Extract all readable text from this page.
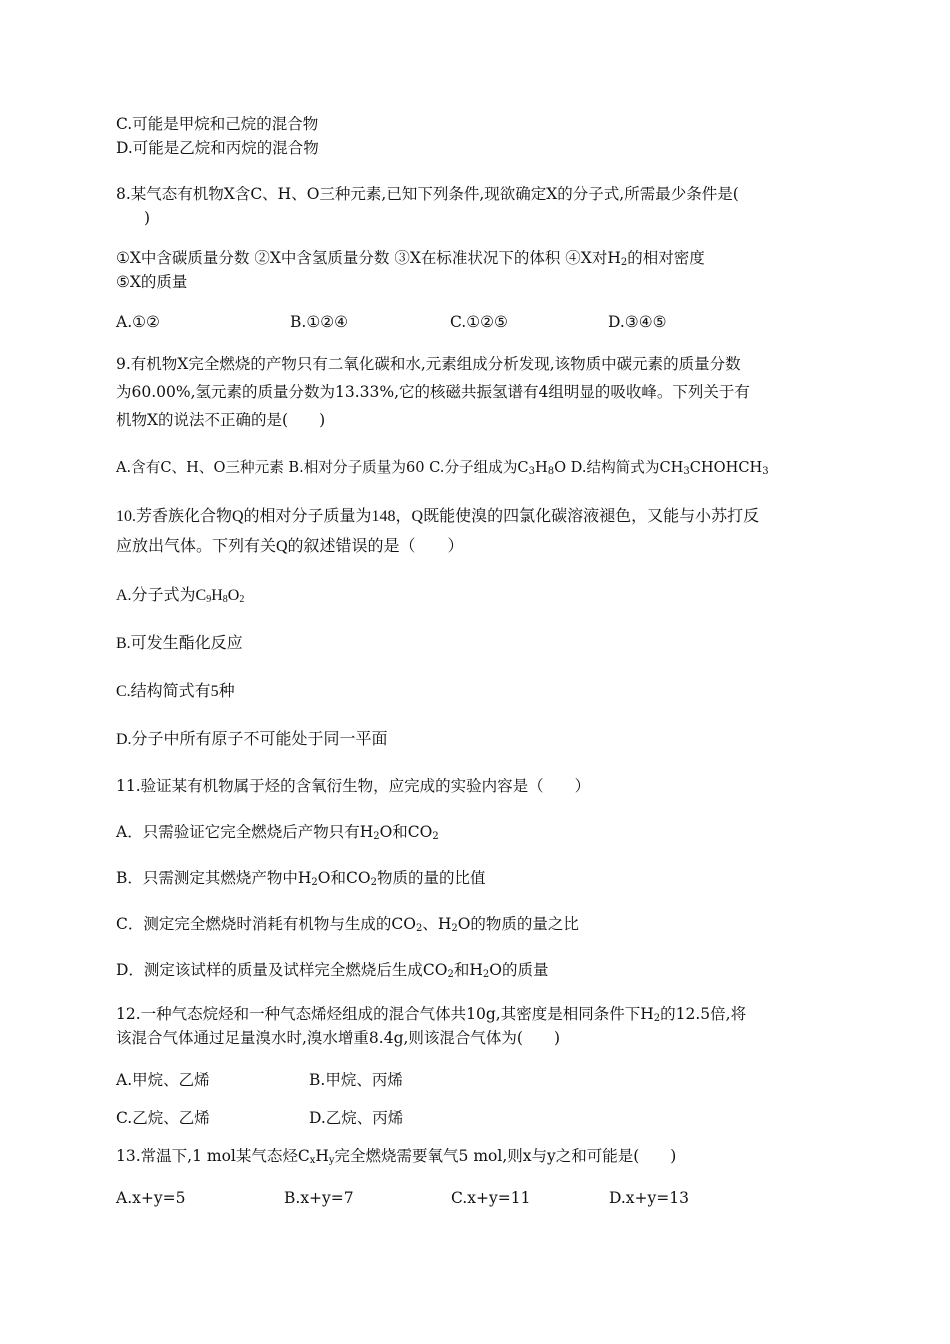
C.可能是甲烷和己烷的混合物
D.可能是乙烷和丙烷的混合物
8.某气态有机物X含C、H、O三种元素,已知下列条件,现欲确定X的分子式,所需最少条件是(
)
①X中含碳质量分数 ②X中含氢质量分数 ③X在标准状况下的体积 ④X对$H_2$的相对密度
⑤X的质量
A.①②	B.①②④	C.①②⑤	D.③④⑤
9.有机物X完全燃烧的产物只有二氧化碳和水,元素组成分析发现,该物质中碳元素的质量分数
为60.00%,氢元素的质量分数为13.33%,它的核磁共振氢谱有4组明显的吸收峰。下列关于有
机物X的说法不正确的是(　　)
A.含有C、H、O三种元素 B.相对分子质量为60 C.分子组成为$C_3H_8O$ D.结构简式为$CH_3CHOHCH_3$
10.芳香族化合物Q的相对分子质量为148，Q既能使溴的四氯化碳溶液褪色，又能与小苏打反
应放出气体。下列有关Q的叙述错误的是（　　）
A.分子式为$C_9H_8O_2$
B.可发生酯化反应
C.结构简式有5种
D.分子中所有原子不可能处于同一平面
11.验证某有机物属于烃的含氧衍生物，应完成的实验内容是（　　）
A．只需验证它完全燃烧后产物只有$H_2O$和$CO_2$
B．只需测定其燃烧产物中$H_2O$和$CO_2$物质的量的比值
C．测定完全燃烧时消耗有机物与生成的$CO_2$、$H_2O$的物质的量之比
D．测定该试样的质量及试样完全燃烧后生成$CO_2$和$H_2O$的质量
12.一种气态烷烃和一种气态烯烃组成的混合气体共10g,其密度是相同条件下$H_2$的12.5倍,将
该混合气体通过足量溴水时,溴水增重8.4g,则该混合气体为(　　)
A.甲烷、乙烯	B.甲烷、丙烯
C.乙烷、乙烯	D.乙烷、丙烯
13.常温下,1 mol某气态烃$C_xH_y$完全燃烧需要氧气5 mol,则x与y之和可能是(　　)
A.x+y=5	B.x+y=7	C.x+y=11	D.x+y=13
